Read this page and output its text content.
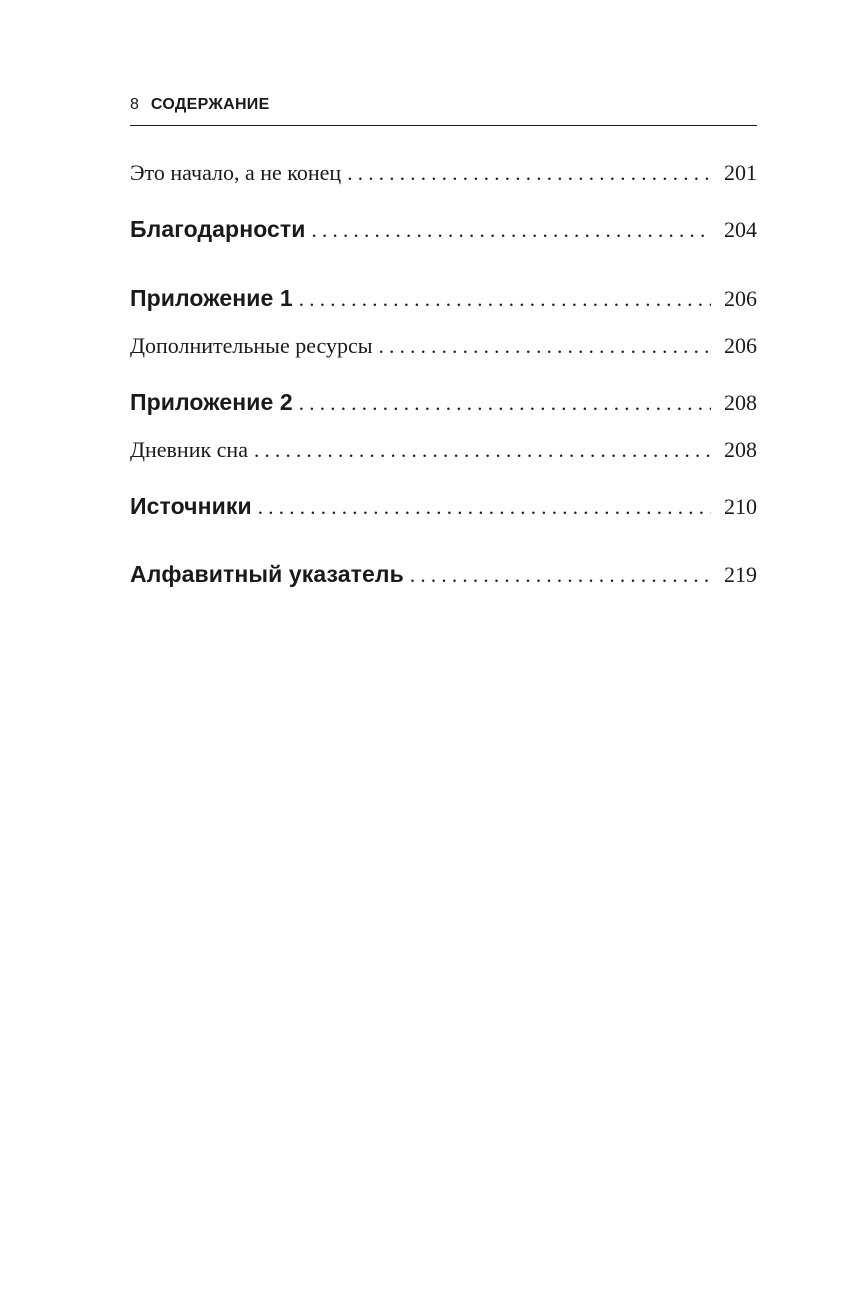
8 СОДЕРЖАНИЕ
Это начало, а не конец . . .	201
Благодарности . . .	204
Приложение 1 . . .	206
Дополнительные ресурсы . . .	206
Приложение 2 . . .	208
Дневник сна . . .	208
Источники . . .	210
Алфавитный указатель . . .	219
